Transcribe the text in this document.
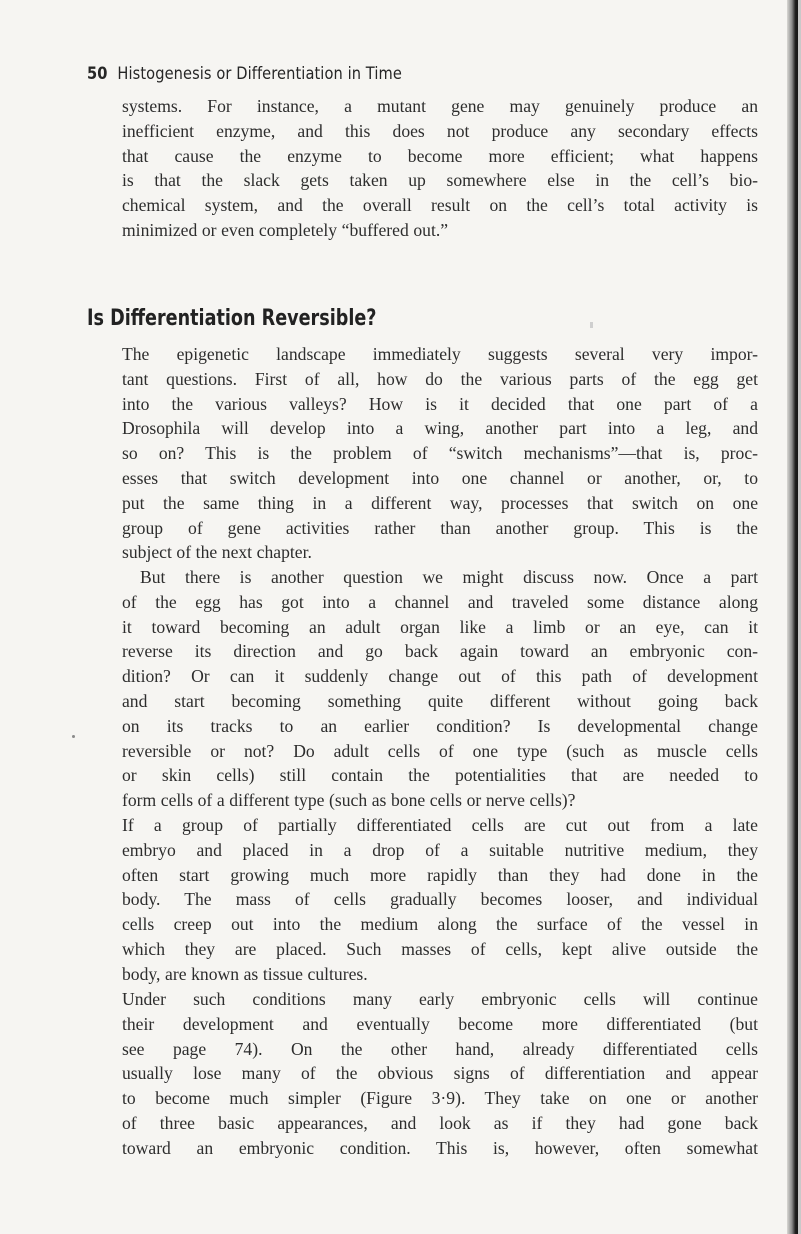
50 Histogenesis or Differentiation in Time
systems. For instance, a mutant gene may genuinely produce an
inefficient enzyme, and this does not produce any secondary effects
that cause the enzyme to become more efficient; what happens
is that the slack gets taken up somewhere else in the cell’s bio-
chemical system, and the overall result on the cell’s total activity is
minimized or even completely “buffered out.”
Is Differentiation Reversible?
The epigenetic landscape immediately suggests several very impor-
tant questions. First of all, how do the various parts of the egg get
into the various valleys? How is it decided that one part of a
Drosophila will develop into a wing, another part into a leg, and
so on? This is the problem of “switch mechanisms”—that is, proc-
esses that switch development into one channel or another, or, to
put the same thing in a different way, processes that switch on one
group of gene activities rather than another group. This is the
subject of the next chapter.
But there is another question we might discuss now. Once a part
of the egg has got into a channel and traveled some distance along
it toward becoming an adult organ like a limb or an eye, can it
reverse its direction and go back again toward an embryonic con-
dition? Or can it suddenly change out of this path of development
and start becoming something quite different without going back
on its tracks to an earlier condition? Is developmental change
reversible or not? Do adult cells of one type (such as muscle cells
or skin cells) still contain the potentialities that are needed to
form cells of a different type (such as bone cells or nerve cells)?
If a group of partially differentiated cells are cut out from a late
embryo and placed in a drop of a suitable nutritive medium, they
often start growing much more rapidly than they had done in the
body. The mass of cells gradually becomes looser, and individual
cells creep out into the medium along the surface of the vessel in
which they are placed. Such masses of cells, kept alive outside the
body, are known as tissue cultures.
Under such conditions many early embryonic cells will continue
their development and eventually become more differentiated (but
see page 74). On the other hand, already differentiated cells
usually lose many of the obvious signs of differentiation and appear
to become much simpler (Figure 3·9). They take on one or another
of three basic appearances, and look as if they had gone back
toward an embryonic condition. This is, however, often somewhat
